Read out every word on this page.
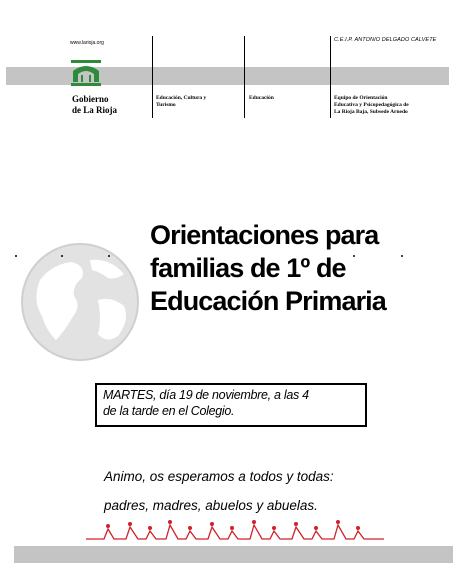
www.larioja.org	C.E.I.P. ANTONIO DELGADO CALVETE
Gobierno
de La Rioja
Educación, Cultura y
Turismo
Educación	Equipo de Orientación
Educativa y Psicopedagógica de
La Rioja Baja, Subsede Arnedo
Orientaciones para
familias de 1º de
Educación Primaria
MARTES, día 19 de noviembre, a las 4
de la tarde en el Colegio.
Animo, os esperamos a todos y todas:
padres, madres, abuelos y abuelas.
